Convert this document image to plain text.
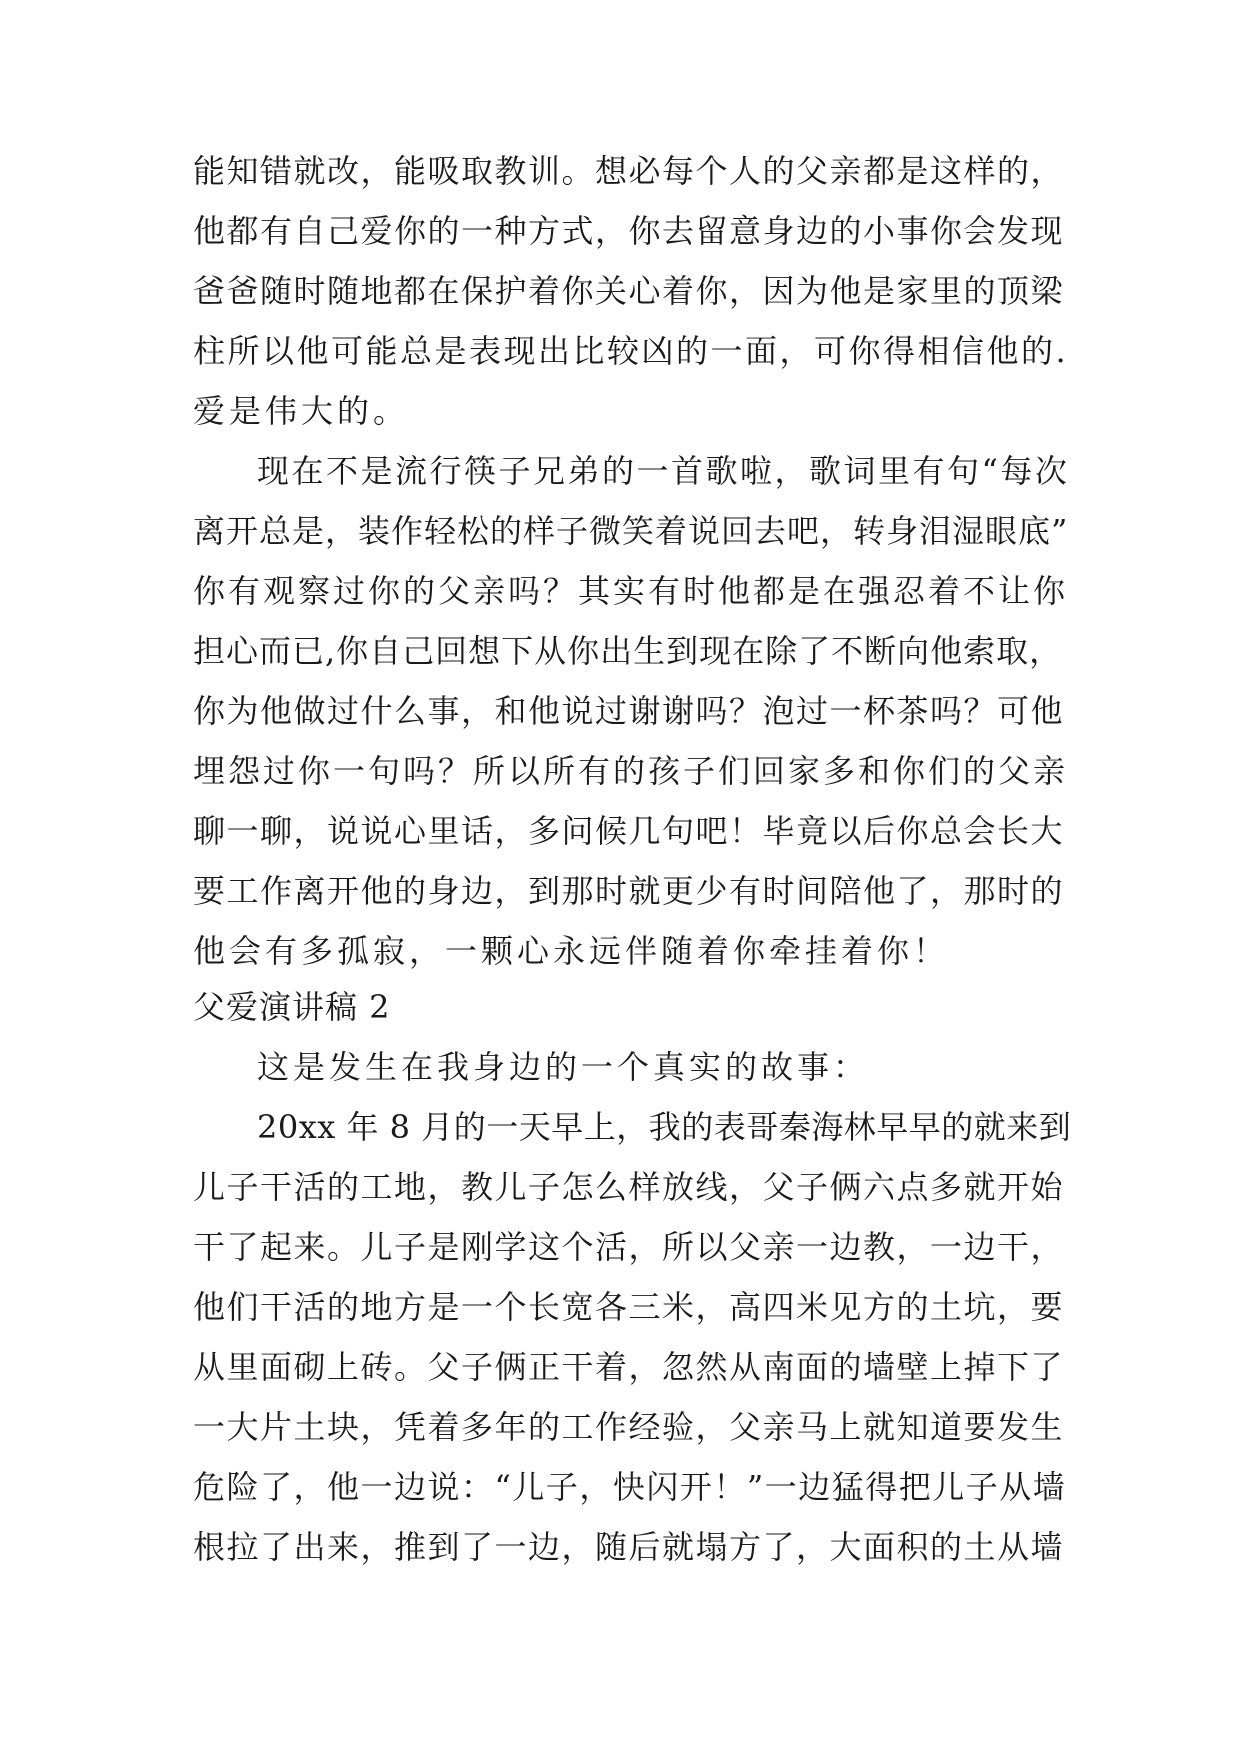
能知错就改，能吸取教训。想必每个人的父亲都是这样的，
他都有自己爱你的一种方式，你去留意身边的小事你会发现
爸爸随时随地都在保护着你关心着你，因为他是家里的顶梁
柱所以他可能总是表现出比较凶的一面，可你得相信他的.
爱是伟大的。
现在不是流行筷子兄弟的一首歌啦，歌词里有句“每次
离开总是，装作轻松的样子微笑着说回去吧，转身泪湿眼底”
你有观察过你的父亲吗？其实有时他都是在强忍着不让你
担心而已,你自己回想下从你出生到现在除了不断向他索取，
你为他做过什么事，和他说过谢谢吗？泡过一杯茶吗？可他
埋怨过你一句吗？所以所有的孩子们回家多和你们的父亲
聊一聊，说说心里话，多问候几句吧！毕竟以后你总会长大
要工作离开他的身边，到那时就更少有时间陪他了，那时的
他会有多孤寂，一颗心永远伴随着你牵挂着你！
父爱演讲稿 2
这是发生在我身边的一个真实的故事：
20xx 年 8 月的一天早上，我的表哥秦海林早早的就来到
儿子干活的工地，教儿子怎么样放线，父子俩六点多就开始
干了起来。儿子是刚学这个活，所以父亲一边教，一边干，
他们干活的地方是一个长宽各三米，高四米见方的土坑，要
从里面砌上砖。父子俩正干着，忽然从南面的墙壁上掉下了
一大片土块，凭着多年的工作经验，父亲马上就知道要发生
危险了，他一边说：“儿子，快闪开！”一边猛得把儿子从墙
根拉了出来，推到了一边，随后就塌方了，大面积的土从墙
